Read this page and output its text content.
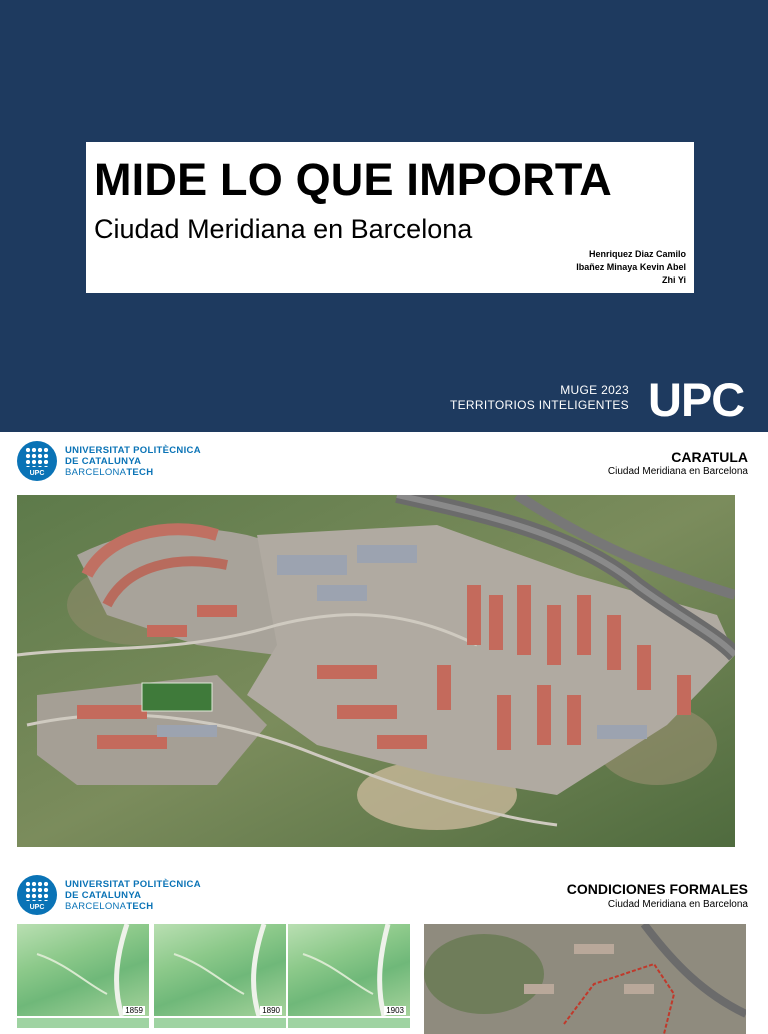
MIDE LO QUE IMPORTA
Ciudad Meridiana en Barcelona
Henriquez Diaz Camilo
Ibañez Minaya Kevin Abel
Zhi Yi
MUGE 2023
TERRITORIOS INTELIGENTES UPC
UPC
UNIVERSITAT POLITÈCNICA
DE CATALUNYA
BARCELONATECH
CARATULA
Ciudad Meridiana en Barcelona
UPC
UNIVERSITAT POLITÈCNICA
DE CATALUNYA
BARCELONATECH
CONDICIONES FORMALES
Ciudad Meridiana en Barcelona
1859	1890	1903
